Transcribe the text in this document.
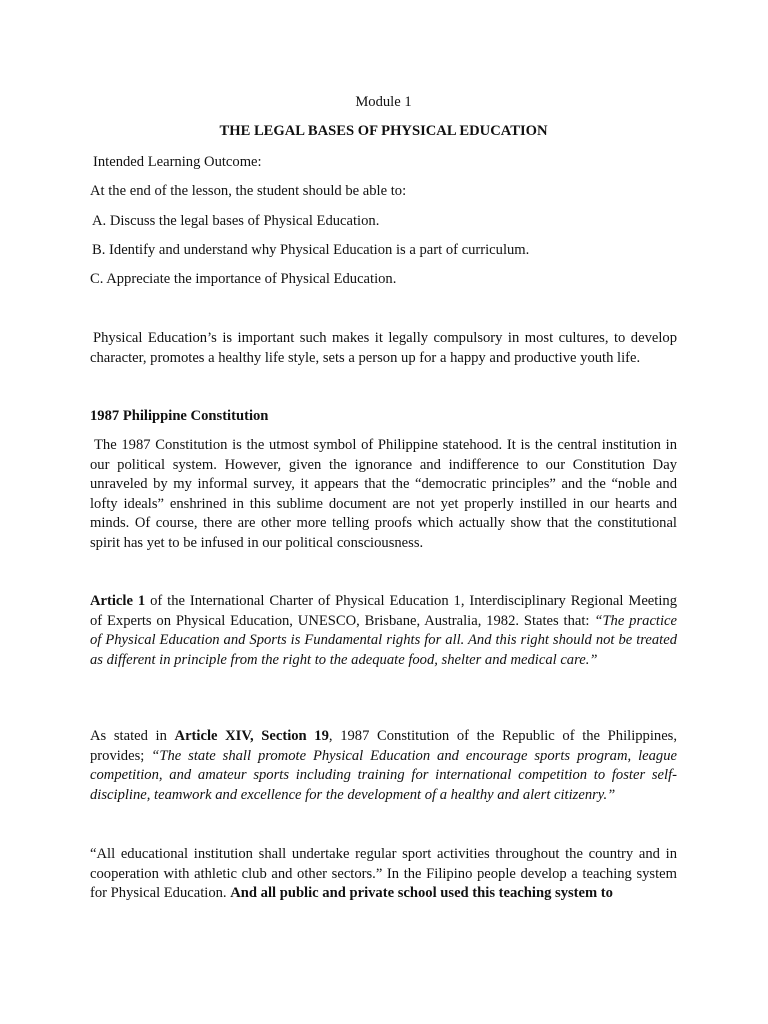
Module 1
THE LEGAL BASES OF PHYSICAL EDUCATION
Intended Learning Outcome:
At the end of the lesson, the student should be able to:
A. Discuss the legal bases of Physical Education.
B. Identify and understand why Physical Education is a part of curriculum.
C. Appreciate the importance of Physical Education.
Physical Education’s is important such makes it legally compulsory in most cultures, to develop character, promotes a healthy life style, sets a person up for a happy and productive youth life.
1987 Philippine Constitution
The 1987 Constitution is the utmost symbol of Philippine statehood. It is the central institution in our political system. However, given the ignorance and indifference to our Constitution Day unraveled by my informal survey, it appears that the “democratic principles” and the “noble and lofty ideals” enshrined in this sublime document are not yet properly instilled in our hearts and minds. Of course, there are other more telling proofs which actually show that the constitutional spirit has yet to be infused in our political consciousness.
Article 1 of the International Charter of Physical Education 1, Interdisciplinary Regional Meeting of Experts on Physical Education, UNESCO, Brisbane, Australia, 1982. States that: “The practice of Physical Education and Sports is Fundamental rights for all. And this right should not be treated as different in principle from the right to the adequate food, shelter and medical care.”
As stated in Article XIV, Section 19, 1987 Constitution of the Republic of the Philippines, provides; “The state shall promote Physical Education and encourage sports program, league competition, and amateur sports including training for international competition to foster self-discipline, teamwork and excellence for the development of a healthy and alert citizenry.”
“All educational institution shall undertake regular sport activities throughout the country and in cooperation with athletic club and other sectors.” In the Filipino people develop a teaching system for Physical Education. And all public and private school used this teaching system to
